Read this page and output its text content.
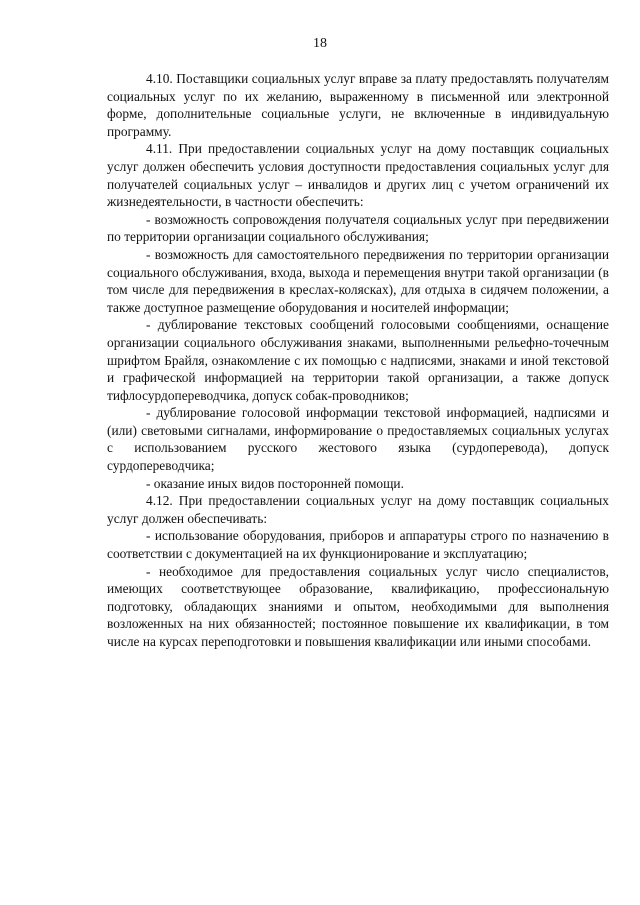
18

4.10. Поставщики социальных услуг вправе за плату предоставлять получателям социальных услуг по их желанию, выраженному в письменной или электронной форме, дополнительные социальные услуги, не включенные в индивидуальную программу.

4.11. При предоставлении социальных услуг на дому поставщик социальных услуг должен обеспечить условия доступности предоставления социальных услуг для получателей социальных услуг – инвалидов и других лиц с учетом ограничений их жизнедеятельности, в частности обеспечить:

- возможность сопровождения получателя социальных услуг при передвижении по территории организации социального обслуживания;

- возможность для самостоятельного передвижения по территории организации социального обслуживания, входа, выхода и перемещения внутри такой организации (в том числе для передвижения в креслах-колясках), для отдыха в сидячем положении, а также доступное размещение оборудования и носителей информации;

- дублирование текстовых сообщений голосовыми сообщениями, оснащение организации социального обслуживания знаками, выполненными рельефно-точечным шрифтом Брайля, ознакомление с их помощью с надписями, знаками и иной текстовой и графической информацией на территории такой организации, а также допуск тифлосурдопереводчика, допуск собак-проводников;

- дублирование голосовой информации текстовой информацией, надписями и (или) световыми сигналами, информирование о предоставляемых социальных услугах с использованием русского жестового языка (сурдоперевода), допуск сурдопереводчика;

- оказание иных видов посторонней помощи.

4.12. При предоставлении социальных услуг на дому поставщик социальных услуг должен обеспечивать:

- использование оборудования, приборов и аппаратуры строго по назначению в соответствии с документацией на их функционирование и эксплуатацию;

- необходимое для предоставления социальных услуг число специалистов, имеющих соответствующее образование, квалификацию, профессиональную подготовку, обладающих знаниями и опытом, необходимыми для выполнения возложенных на них обязанностей; постоянное повышение их квалификации, в том числе на курсах переподготовки и повышения квалификации или иными способами.
